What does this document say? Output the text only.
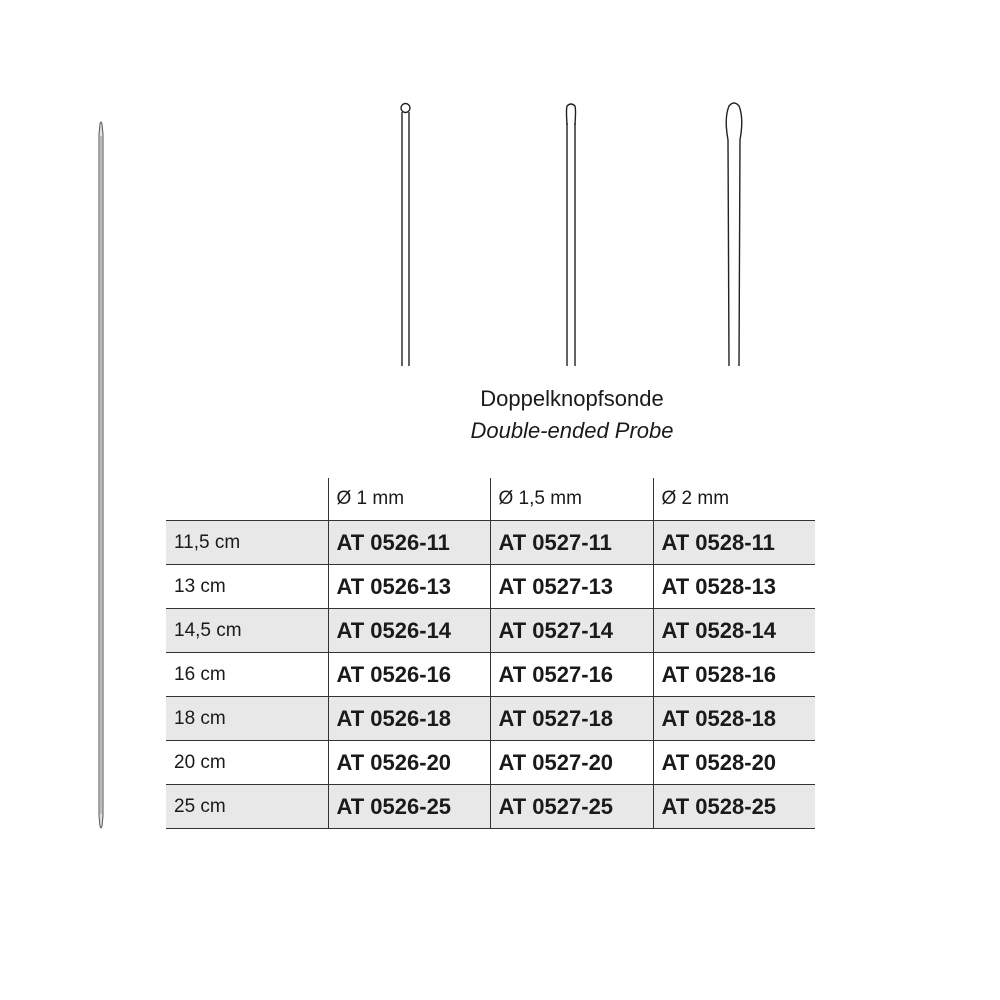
Doppelknopfsonde
Double-ended Probe
	Ø 1 mm	Ø 1,5 mm	Ø 2 mm
11,5 cm	AT 0526-11	AT 0527-11	AT 0528-11
13 cm	AT 0526-13	AT 0527-13	AT 0528-13
14,5 cm	AT 0526-14	AT 0527-14	AT 0528-14
16 cm	AT 0526-16	AT 0527-16	AT 0528-16
18 cm	AT 0526-18	AT 0527-18	AT 0528-18
20 cm	AT 0526-20	AT 0527-20	AT 0528-20
25 cm	AT 0526-25	AT 0527-25	AT 0528-25
